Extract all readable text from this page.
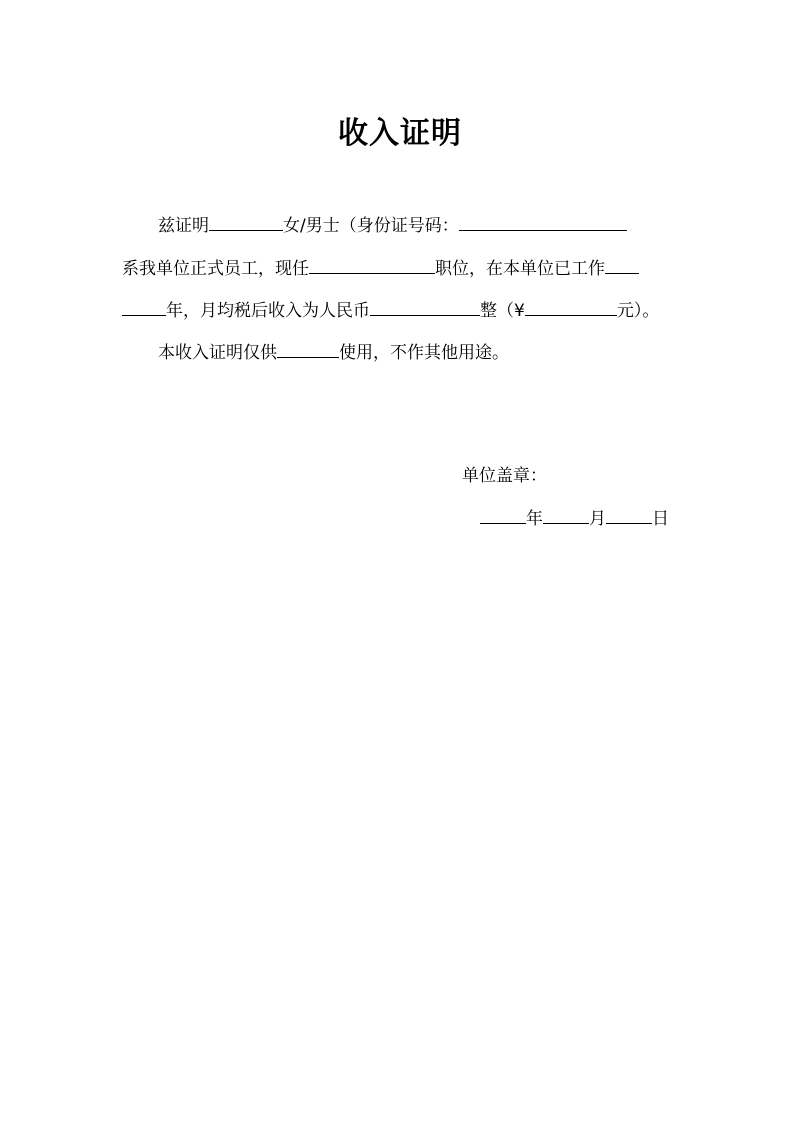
收入证明
兹证明	女/男士（身份证号码：
系我单位正式员工，现任	职位，在本单位已工作
年，月均税后收入为人民币	整（¥	元）。
本收入证明仅供	使用，不作其他用途。
单位盖章：
年	月	日
